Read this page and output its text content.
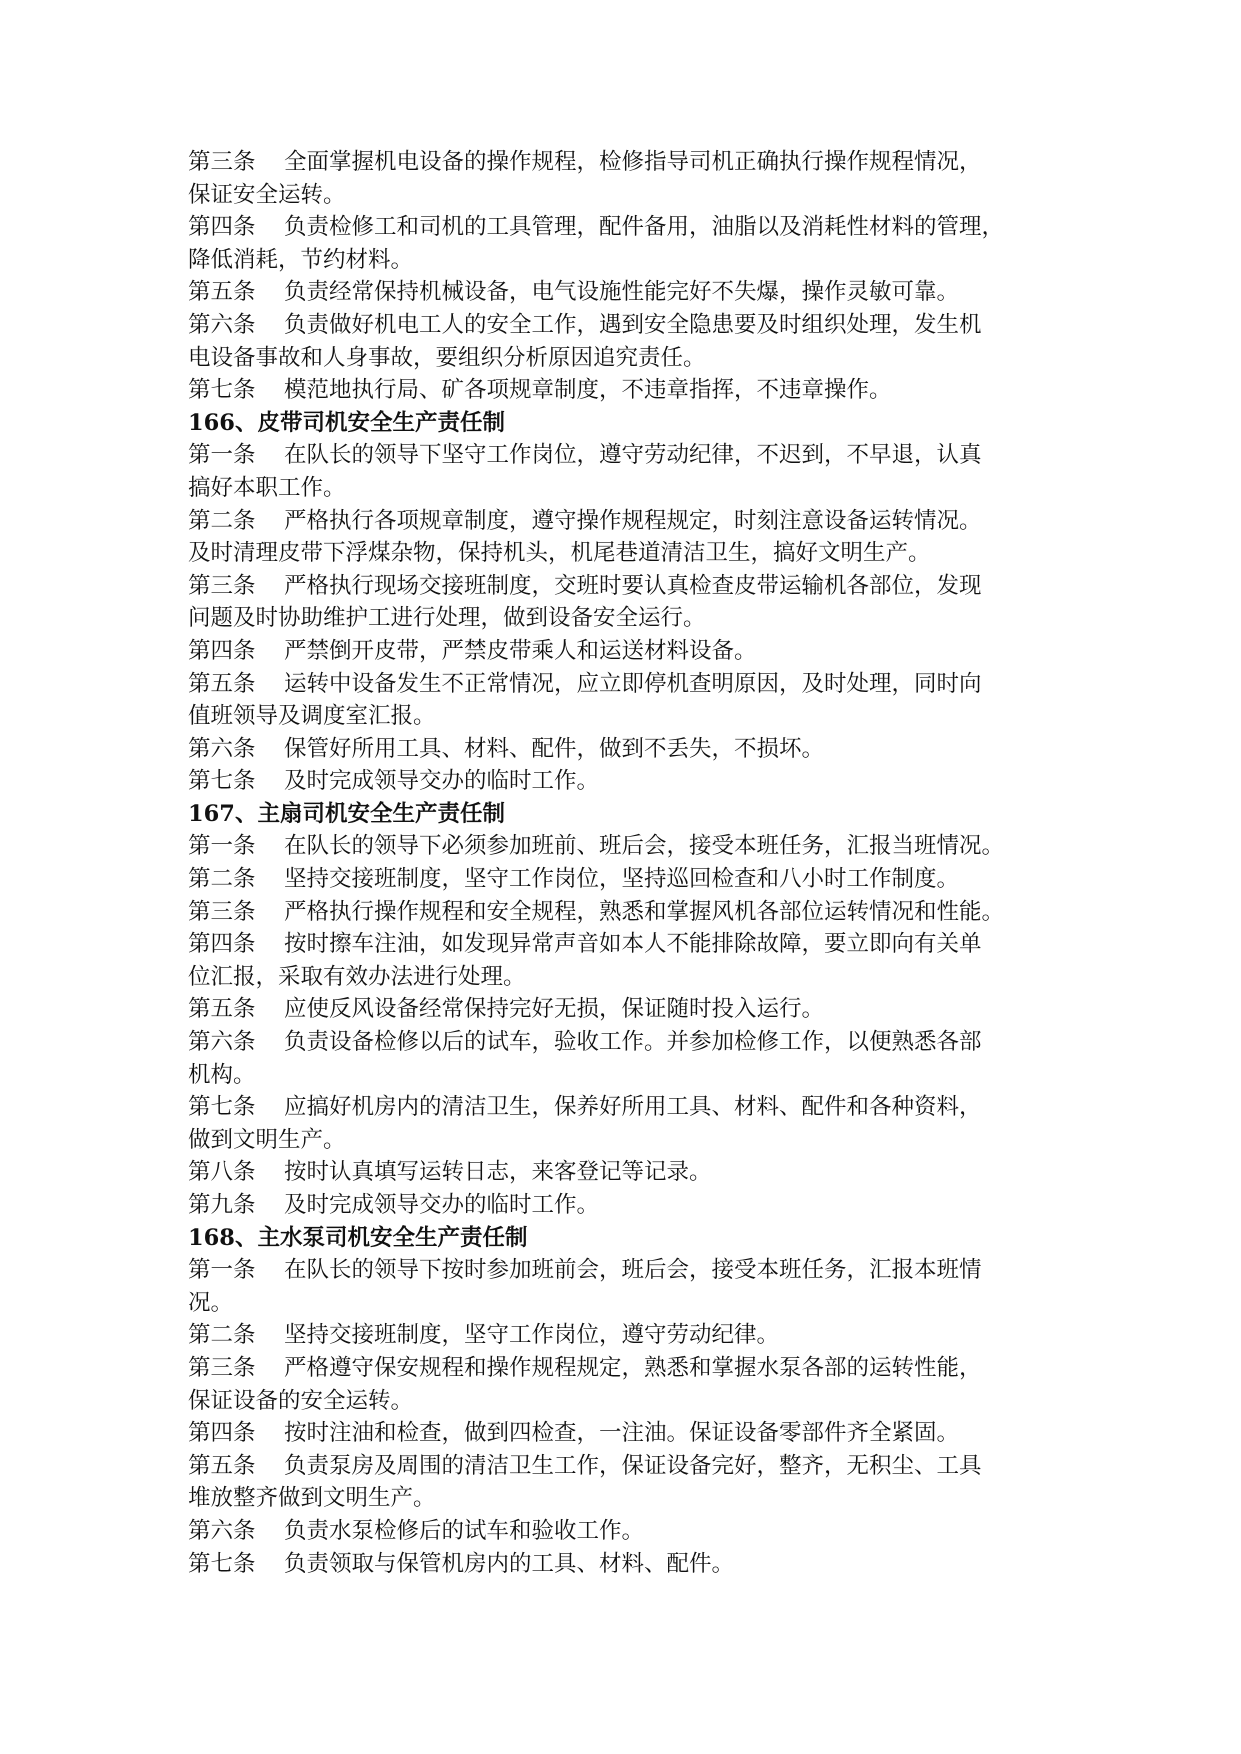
第三条 全面掌握机电设备的操作规程，检修指导司机正确执行操作规程情况，
保证安全运转。
第四条 负责检修工和司机的工具管理，配件备用，油脂以及消耗性材料的管理，
降低消耗，节约材料。
第五条 负责经常保持机械设备，电气设施性能完好不失爆，操作灵敏可靠。
第六条 负责做好机电工人的安全工作，遇到安全隐患要及时组织处理，发生机
电设备事故和人身事故，要组织分析原因追究责任。
第七条 模范地执行局、矿各项规章制度，不违章指挥，不违章操作。
166、皮带司机安全生产责任制
第一条 在队长的领导下坚守工作岗位，遵守劳动纪律，不迟到，不早退，认真
搞好本职工作。
第二条 严格执行各项规章制度，遵守操作规程规定，时刻注意设备运转情况。
及时清理皮带下浮煤杂物，保持机头，机尾巷道清洁卫生，搞好文明生产。
第三条 严格执行现场交接班制度，交班时要认真检查皮带运输机各部位，发现
问题及时协助维护工进行处理，做到设备安全运行。
第四条 严禁倒开皮带，严禁皮带乘人和运送材料设备。
第五条 运转中设备发生不正常情况，应立即停机查明原因，及时处理，同时向
值班领导及调度室汇报。
第六条 保管好所用工具、材料、配件，做到不丢失，不损坏。
第七条 及时完成领导交办的临时工作。
167、主扇司机安全生产责任制
第一条 在队长的领导下必须参加班前、班后会，接受本班任务，汇报当班情况。
第二条 坚持交接班制度，坚守工作岗位，坚持巡回检查和八小时工作制度。
第三条 严格执行操作规程和安全规程，熟悉和掌握风机各部位运转情况和性能。
第四条 按时擦车注油，如发现异常声音如本人不能排除故障，要立即向有关单
位汇报，采取有效办法进行处理。
第五条 应使反风设备经常保持完好无损，保证随时投入运行。
第六条 负责设备检修以后的试车，验收工作。并参加检修工作，以便熟悉各部
机构。
第七条 应搞好机房内的清洁卫生，保养好所用工具、材料、配件和各种资料，
做到文明生产。
第八条 按时认真填写运转日志，来客登记等记录。
第九条 及时完成领导交办的临时工作。
168、主水泵司机安全生产责任制
第一条 在队长的领导下按时参加班前会，班后会，接受本班任务，汇报本班情
况。
第二条 坚持交接班制度，坚守工作岗位，遵守劳动纪律。
第三条 严格遵守保安规程和操作规程规定，熟悉和掌握水泵各部的运转性能，
保证设备的安全运转。
第四条 按时注油和检查，做到四检查，一注油。保证设备零部件齐全紧固。
第五条 负责泵房及周围的清洁卫生工作，保证设备完好，整齐，无积尘、工具
堆放整齐做到文明生产。
第六条 负责水泵检修后的试车和验收工作。
第七条 负责领取与保管机房内的工具、材料、配件。
